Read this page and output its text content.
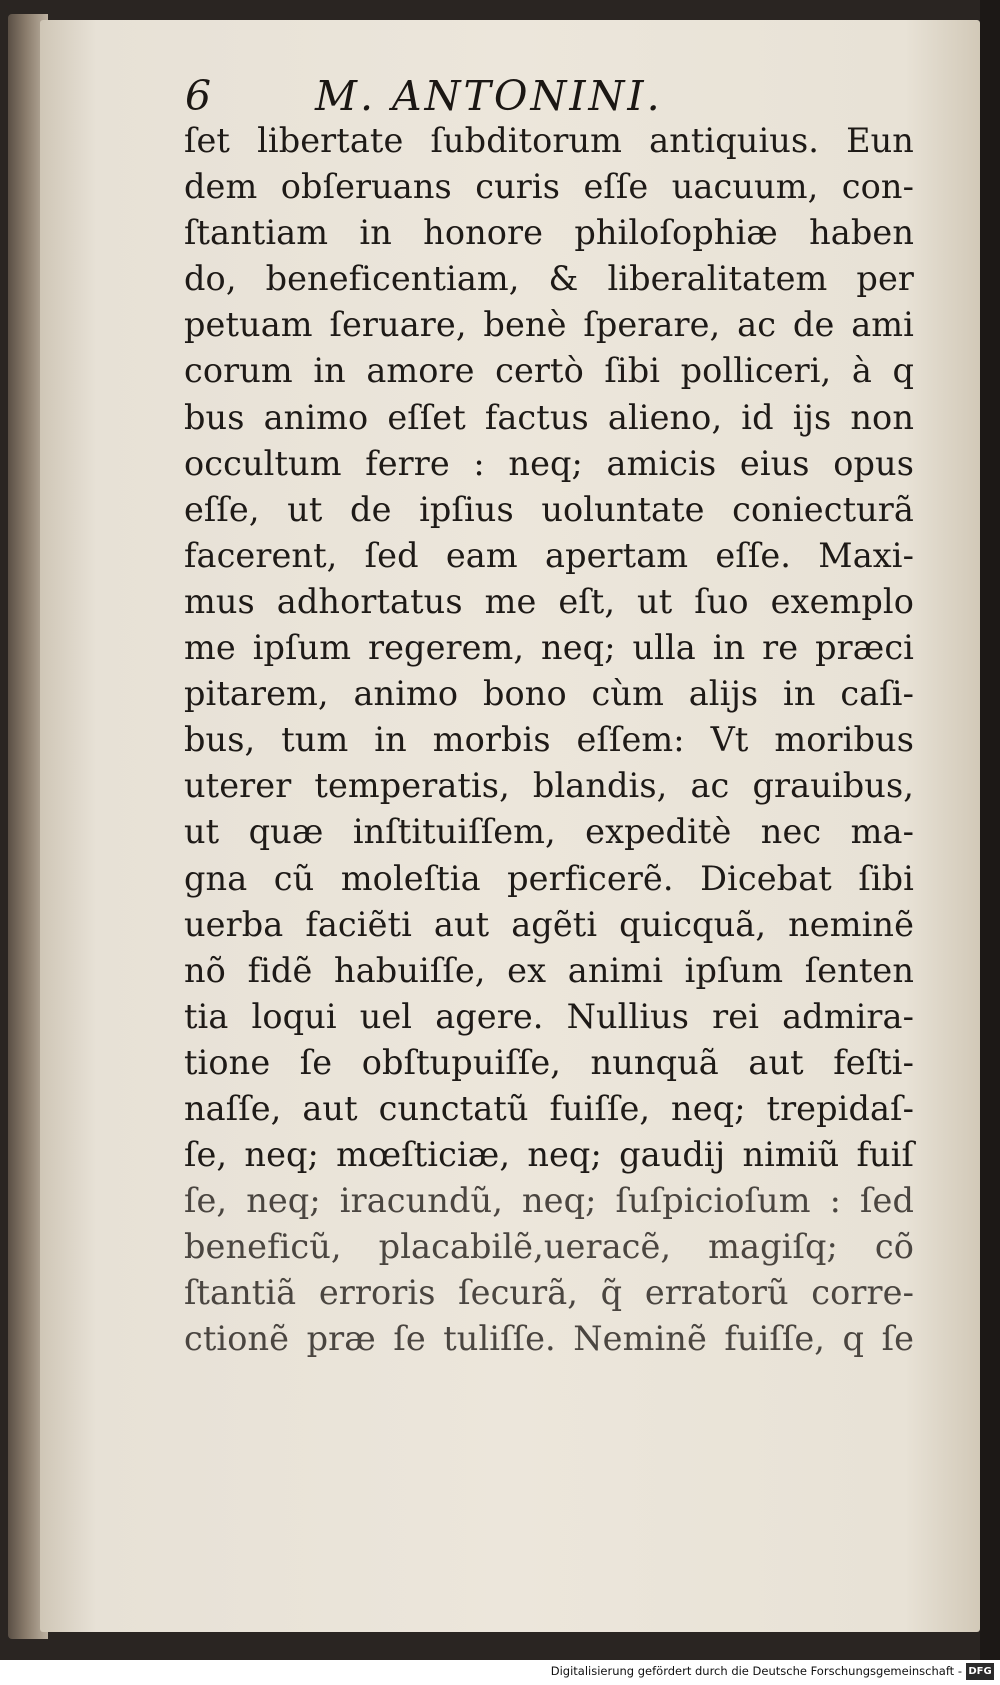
6

	M. ANTONINI.

ſet libertate ſubditorum antiquius. Eun
dem obſeruans curis eſſe uacuum, con-
ſtantiam in honore philoſophiæ haben
do, beneficentiam, & liberalitatem per
petuam ſeruare, benè ſperare, ac de ami
corum in amore certò ſibi polliceri, à q
bus animo eſſet factus alieno, id ijs non
occultum ferre : neq; amicis eius opus
eſſe, ut de ipſius uoluntate coniecturã
facerent, ſed eam apertam eſſe. Maxi-
mus adhortatus me eſt, ut ſuo exemplo
me ipſum regerem, neq; ulla in re præci
pitarem, animo bono cùm alijs in caſi-
bus, tum in morbis eſſem: Vt moribus
uterer temperatis, blandis, ac grauibus,
ut quæ inſtituiſſem, expeditè nec ma-
gna cũ moleſtia perficerẽ. Dicebat ſibi
uerba faciẽti aut agẽti quicquã, neminẽ
nõ fidẽ habuiſſe, ex animi ipſum ſenten
tia loqui uel agere. Nullius rei admira-
tione ſe obſtupuiſſe, nunquã aut feſti-
naſſe, aut cunctatũ fuiſſe, neq; trepidaſ-
ſe, neq; mœſticiæ, neq; gaudij nimiũ fuiſ
ſe, neq; iracundũ, neq; ſuſpicioſum : ſed
beneficũ, placabilẽ,ueracẽ, magiſq; cõ
ſtantiã erroris ſecurã, q̃ erratorũ corre-
ctionẽ præ ſe tuliſſe. Neminẽ fuiſſe, q ſe
Digitalisierung gefördert durch die Deutsche Forschungsgemeinschaft - DFG
